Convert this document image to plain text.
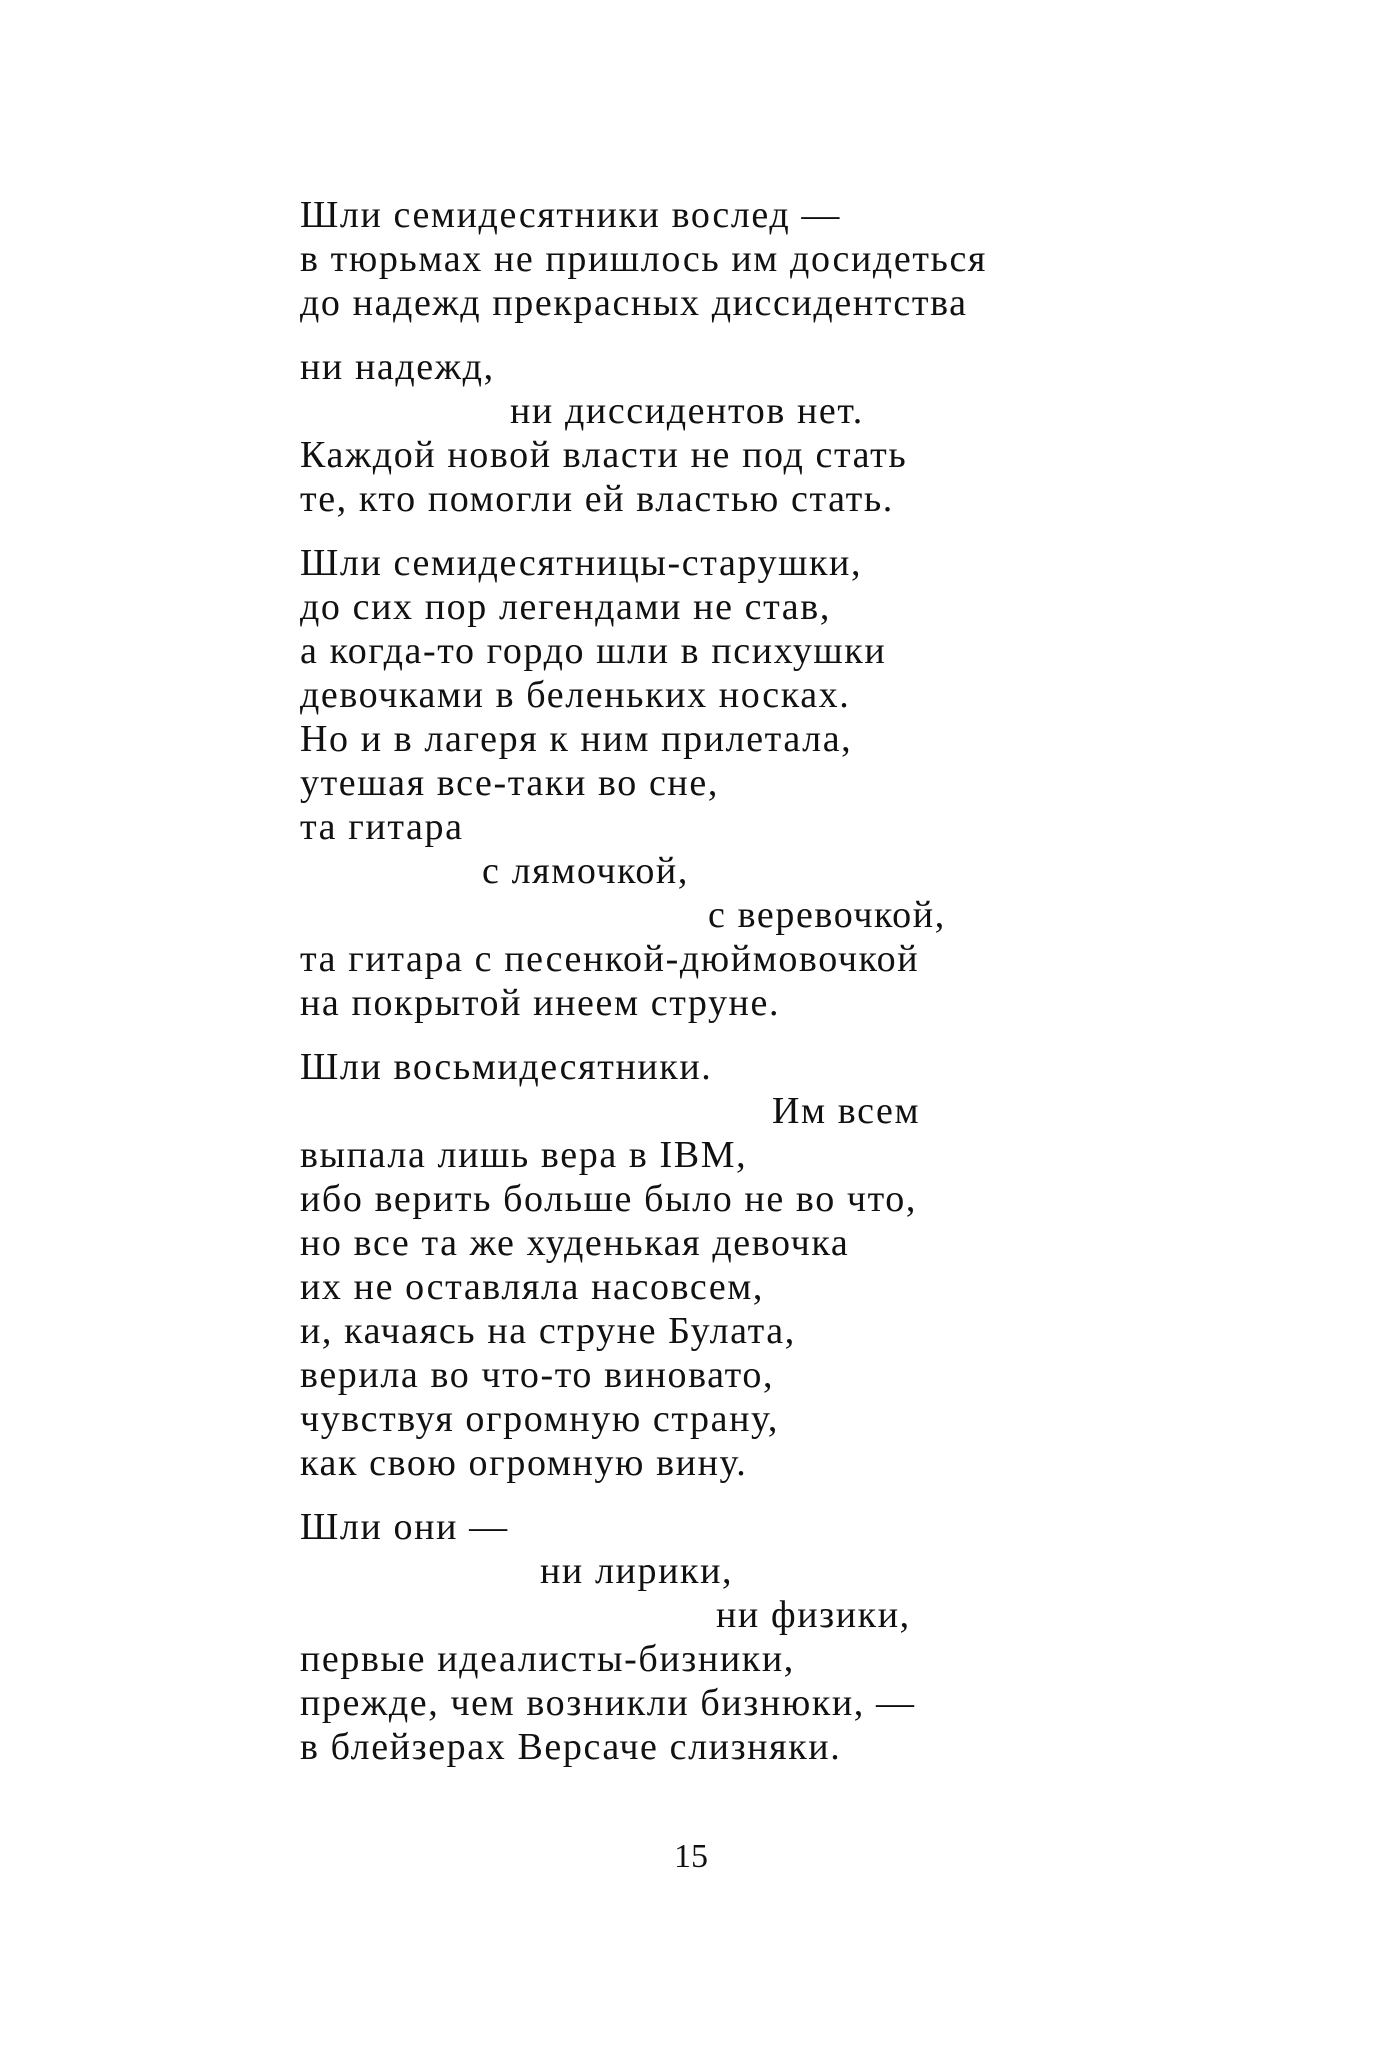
Шли семидесятники вослед —
в тюрьмах не пришлось им досидеться
до надежд прекрасных диссидентства
ни надежд,
ни диссидентов нет.
Каждой новой власти не под стать
те, кто помогли ей властью стать.
Шли семидесятницы-старушки,
до сих пор легендами не став,
а когда-то гордо шли в психушки
девочками в беленьких носках.
Но и в лагеря к ним прилетала,
утешая все-таки во сне,
та гитара
с лямочкой,
с веревочкой,
та гитара с песенкой-дюймовочкой
на покрытой инеем струне.
Шли восьмидесятники.
Им всем
выпала лишь вера в IBM,
ибо верить больше было не во что,
но все та же худенькая девочка
их не оставляла насовсем,
и, качаясь на струне Булата,
верила во что-то виновато,
чувствуя огромную страну,
как свою огромную вину.
Шли они —
ни лирики,
ни физики,
первые идеалисты-бизники,
прежде, чем возникли бизнюки, —
в блейзерах Версаче слизняки.
15
